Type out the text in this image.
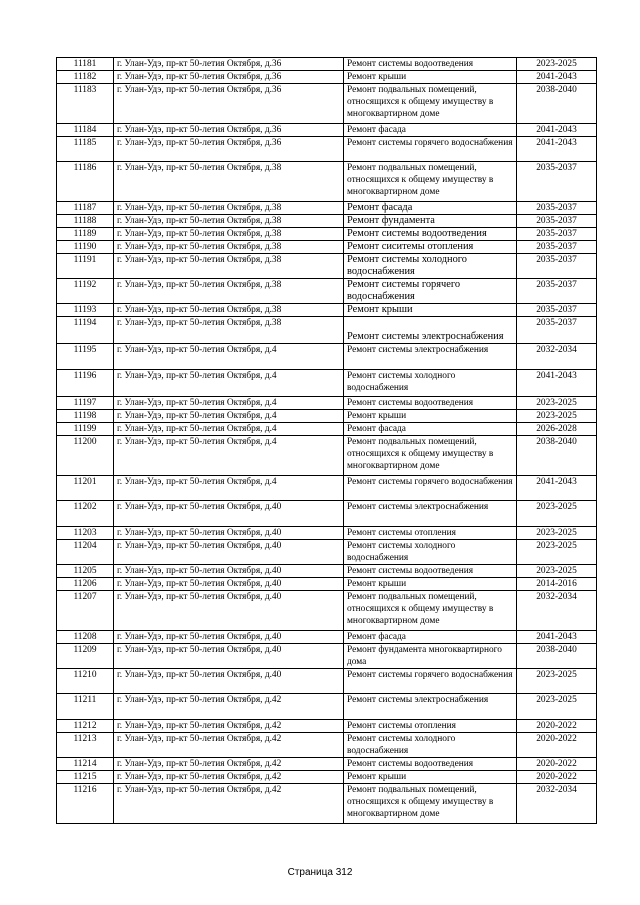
11181	г. Улан-Удэ, пр-кт 50-летия Октября, д.36	Ремонт системы водоотведения	2023-2025
11182	г. Улан-Удэ, пр-кт 50-летия Октября, д.36	Ремонт крыши	2041-2043
11183	г. Улан-Удэ, пр-кт 50-летия Октября, д.36	Ремонт подвальных помещений, относящихся к общему имуществу в многоквартирном доме	2038-2040
11184	г. Улан-Удэ, пр-кт 50-летия Октября, д.36	Ремонт фасада	2041-2043
11185	г. Улан-Удэ, пр-кт 50-летия Октября, д.36	Ремонт системы горячего водоснабжения	2041-2043
11186	г. Улан-Удэ, пр-кт 50-летия Октября, д.38	Ремонт подвальных помещений, относящихся к общему имуществу в многоквартирном доме	2035-2037
11187	г. Улан-Удэ, пр-кт 50-летия Октября, д.38	Ремонт фасада	2035-2037
11188	г. Улан-Удэ, пр-кт 50-летия Октября, д.38	Ремонт фундамента	2035-2037
11189	г. Улан-Удэ, пр-кт 50-летия Октября, д.38	Ремонт системы водоотведения	2035-2037
11190	г. Улан-Удэ, пр-кт 50-летия Октября, д.38	Ремонт сиситемы отопления	2035-2037
11191	г. Улан-Удэ, пр-кт 50-летия Октября, д.38	Ремонт системы холодного водоснабжения	2035-2037
11192	г. Улан-Удэ, пр-кт 50-летия Октября, д.38	Ремонт системы горячего водоснабжения	2035-2037
11193	г. Улан-Удэ, пр-кт 50-летия Октября, д.38	Ремонт крыши	2035-2037
11194	г. Улан-Удэ, пр-кт 50-летия Октября, д.38	Ремонт системы электроснабжения	2035-2037
11195	г. Улан-Удэ, пр-кт 50-летия Октября, д.4	Ремонт системы электроснабжения	2032-2034
11196	г. Улан-Удэ, пр-кт 50-летия Октября, д.4	Ремонт системы холодного водоснабжения	2041-2043
11197	г. Улан-Удэ, пр-кт 50-летия Октября, д.4	Ремонт системы водоотведения	2023-2025
11198	г. Улан-Удэ, пр-кт 50-летия Октября, д.4	Ремонт крыши	2023-2025
11199	г. Улан-Удэ, пр-кт 50-летия Октября, д.4	Ремонт фасада	2026-2028
11200	г. Улан-Удэ, пр-кт 50-летия Октября, д.4	Ремонт подвальных помещений, относящихся к общему имуществу в многоквартирном доме	2038-2040
11201	г. Улан-Удэ, пр-кт 50-летия Октября, д.4	Ремонт системы горячего водоснабжения	2041-2043
11202	г. Улан-Удэ, пр-кт 50-летия Октября, д.40	Ремонт системы электроснабжения	2023-2025
11203	г. Улан-Удэ, пр-кт 50-летия Октября, д.40	Ремонт системы отопления	2023-2025
11204	г. Улан-Удэ, пр-кт 50-летия Октября, д.40	Ремонт системы холодного водоснабжения	2023-2025
11205	г. Улан-Удэ, пр-кт 50-летия Октября, д.40	Ремонт системы водоотведения	2023-2025
11206	г. Улан-Удэ, пр-кт 50-летия Октября, д.40	Ремонт крыши	2014-2016
11207	г. Улан-Удэ, пр-кт 50-летия Октября, д.40	Ремонт подвальных помещений, относящихся к общему имуществу в многоквартирном доме	2032-2034
11208	г. Улан-Удэ, пр-кт 50-летия Октября, д.40	Ремонт фасада	2041-2043
11209	г. Улан-Удэ, пр-кт 50-летия Октября, д.40	Ремонт фундамента многоквартирного дома	2038-2040
11210	г. Улан-Удэ, пр-кт 50-летия Октября, д.40	Ремонт системы горячего водоснабжения	2023-2025
11211	г. Улан-Удэ, пр-кт 50-летия Октября, д.42	Ремонт системы электроснабжения	2023-2025
11212	г. Улан-Удэ, пр-кт 50-летия Октября, д.42	Ремонт системы отопления	2020-2022
11213	г. Улан-Удэ, пр-кт 50-летия Октября, д.42	Ремонт системы холодного водоснабжения	2020-2022
11214	г. Улан-Удэ, пр-кт 50-летия Октября, д.42	Ремонт системы водоотведения	2020-2022
11215	г. Улан-Удэ, пр-кт 50-летия Октября, д.42	Ремонт крыши	2020-2022
11216	г. Улан-Удэ, пр-кт 50-летия Октября, д.42	Ремонт подвальных помещений, относящихся к общему имуществу в многоквартирном доме	2032-2034
Страница 312
